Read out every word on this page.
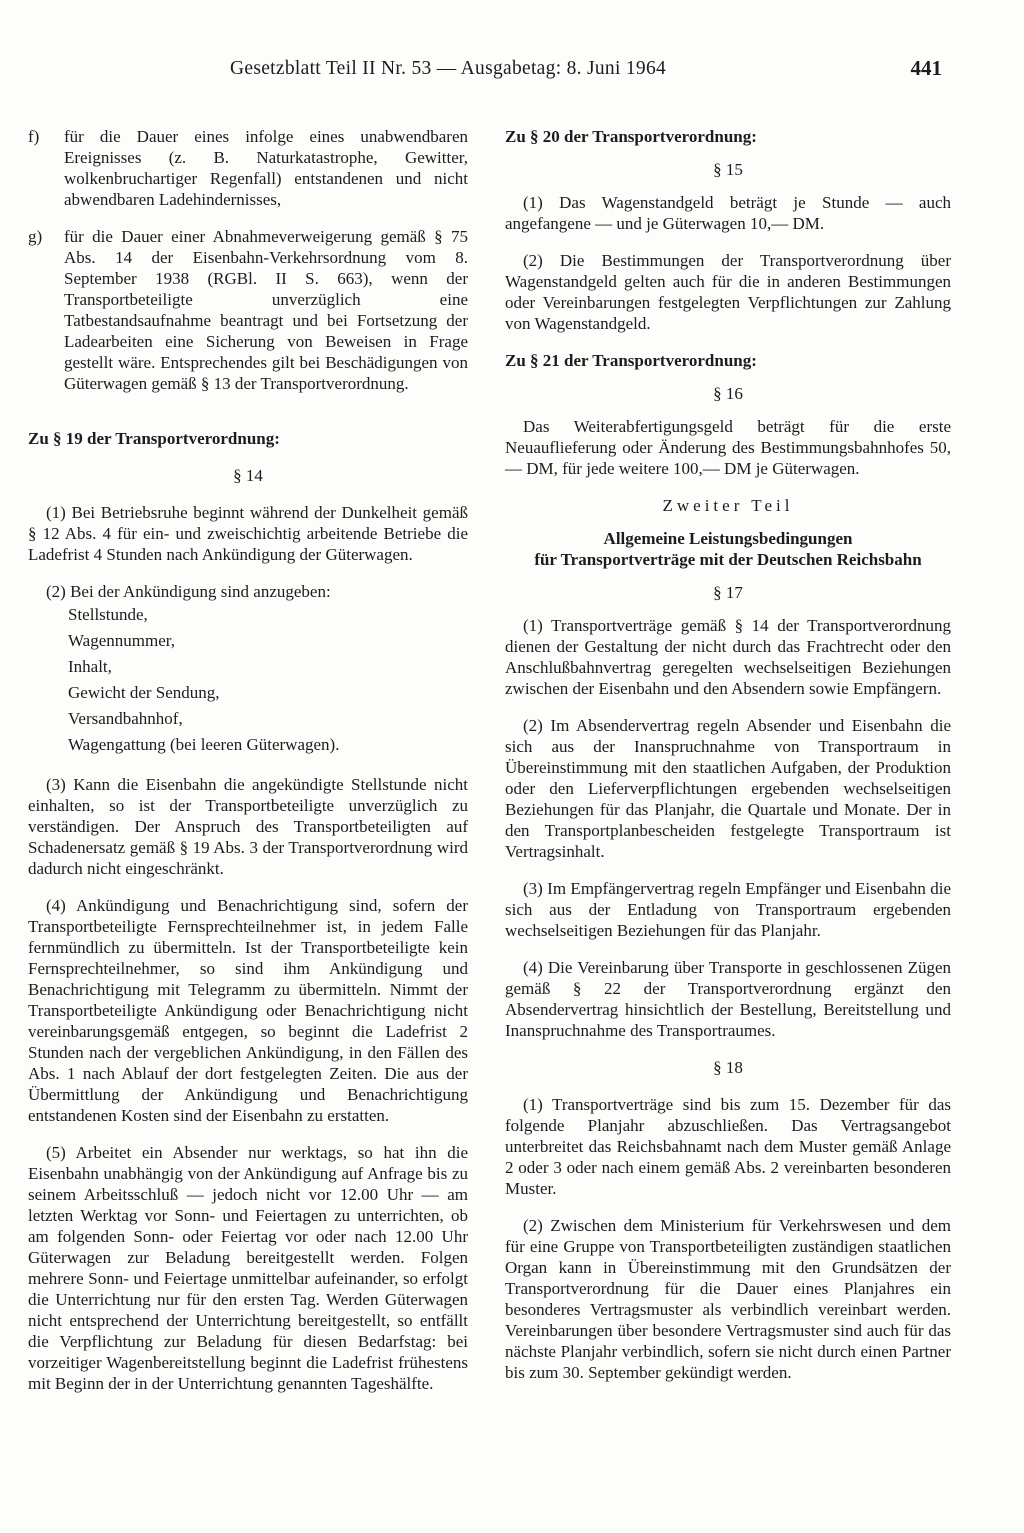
Gesetzblatt Teil II Nr. 53 — Ausgabetag: 8. Juni 1964	441
f)	für die Dauer eines infolge eines unabwendbaren Ereignisses (z. B. Naturkatastrophe, Gewitter, wolkenbruchartiger Regenfall) entstandenen und nicht abwendbaren Ladehindernisses,
g)	für die Dauer einer Abnahmeverweigerung gemäß § 75 Abs. 14 der Eisenbahn-Verkehrsordnung vom 8. September 1938 (RGBl. II S. 663), wenn der Transportbeteiligte unverzüglich eine Tatbestandsaufnahme beantragt und bei Fortsetzung der Ladearbeiten eine Sicherung von Beweisen in Frage gestellt wäre. Entsprechendes gilt bei Beschädigungen von Güterwagen gemäß § 13 der Transportverordnung.

Zu § 19 der Transportverordnung:

§ 14

(1) Bei Betriebsruhe beginnt während der Dunkelheit gemäß § 12 Abs. 4 für ein- und zweischichtig arbeitende Betriebe die Ladefrist 4 Stunden nach Ankündigung der Güterwagen.

(2) Bei der Ankündigung sind anzugeben:

Stellstunde,
Wagennummer,
Inhalt,
Gewicht der Sendung,
Versandbahnhof,
Wagengattung (bei leeren Güterwagen).

(3) Kann die Eisenbahn die angekündigte Stellstunde nicht einhalten, so ist der Transportbeteiligte unverzüglich zu verständigen. Der Anspruch des Transportbeteiligten auf Schadenersatz gemäß § 19 Abs. 3 der Transportverordnung wird dadurch nicht eingeschränkt.

(4) Ankündigung und Benachrichtigung sind, sofern der Transportbeteiligte Fernsprechteilnehmer ist, in jedem Falle fernmündlich zu übermitteln. Ist der Transportbeteiligte kein Fernsprechteilnehmer, so sind ihm Ankündigung und Benachrichtigung mit Telegramm zu übermitteln. Nimmt der Transportbeteiligte Ankündigung oder Benachrichtigung nicht vereinbarungsgemäß entgegen, so beginnt die Ladefrist 2 Stunden nach der vergeblichen Ankündigung, in den Fällen des Abs. 1 nach Ablauf der dort festgelegten Zeiten. Die aus der Übermittlung der Ankündigung und Benachrichtigung entstandenen Kosten sind der Eisenbahn zu erstatten.

(5) Arbeitet ein Absender nur werktags, so hat ihn die Eisenbahn unabhängig von der Ankündigung auf Anfrage bis zu seinem Arbeitsschluß — jedoch nicht vor 12.00 Uhr — am letzten Werktag vor Sonn- und Feiertagen zu unterrichten, ob am folgenden Sonn- oder Feiertag vor oder nach 12.00 Uhr Güterwagen zur Beladung bereitgestellt werden. Folgen mehrere Sonn- und Feiertage unmittelbar aufeinander, so erfolgt die Unterrichtung nur für den ersten Tag. Werden Güterwagen nicht entsprechend der Unterrichtung bereitgestellt, so entfällt die Verpflichtung zur Beladung für diesen Bedarfstag: bei vorzeitiger Wagenbereitstellung beginnt die Ladefrist frühestens mit Beginn der in der Unterrichtung genannten Tageshälfte.

Zu § 20 der Transportverordnung:

§ 15

(1) Das Wagenstandgeld beträgt je Stunde — auch angefangene — und je Güterwagen 10,— DM.

(2) Die Bestimmungen der Transportverordnung über Wagenstandgeld gelten auch für die in anderen Bestimmungen oder Vereinbarungen festgelegten Verpflichtungen zur Zahlung von Wagenstandgeld.

Zu § 21 der Transportverordnung:

§ 16

Das Weiterabfertigungsgeld beträgt für die erste Neuauflieferung oder Änderung des Bestimmungsbahnhofes 50,— DM, für jede weitere 100,— DM je Güterwagen.

Zweiter Teil

Allgemeine Leistungsbedingungen

für Transportverträge mit der Deutschen Reichsbahn

§ 17

(1) Transportverträge gemäß § 14 der Transportverordnung dienen der Gestaltung der nicht durch das Frachtrecht oder den Anschlußbahnvertrag geregelten wechselseitigen Beziehungen zwischen der Eisenbahn und den Absendern sowie Empfängern.

(2) Im Absendervertrag regeln Absender und Eisenbahn die sich aus der Inanspruchnahme von Transportraum in Übereinstimmung mit den staatlichen Aufgaben, der Produktion oder den Lieferverpflichtungen ergebenden wechselseitigen Beziehungen für das Planjahr, die Quartale und Monate. Der in den Transportplanbescheiden festgelegte Transportraum ist Vertragsinhalt.

(3) Im Empfängervertrag regeln Empfänger und Eisenbahn die sich aus der Entladung von Transportraum ergebenden wechselseitigen Beziehungen für das Planjahr.

(4) Die Vereinbarung über Transporte in geschlossenen Zügen gemäß § 22 der Transportverordnung ergänzt den Absendervertrag hinsichtlich der Bestellung, Bereitstellung und Inanspruchnahme des Transportraumes.

§ 18

(1) Transportverträge sind bis zum 15. Dezember für das folgende Planjahr abzuschließen. Das Vertragsangebot unterbreitet das Reichsbahnamt nach dem Muster gemäß Anlage 2 oder 3 oder nach einem gemäß Abs. 2 vereinbarten besonderen Muster.

(2) Zwischen dem Ministerium für Verkehrswesen und dem für eine Gruppe von Transportbeteiligten zuständigen staatlichen Organ kann in Übereinstimmung mit den Grundsätzen der Transportverordnung für die Dauer eines Planjahres ein besonderes Vertragsmuster als verbindlich vereinbart werden. Vereinbarungen über besondere Vertragsmuster sind auch für das nächste Planjahr verbindlich, sofern sie nicht durch einen Partner bis zum 30. September gekündigt werden.
